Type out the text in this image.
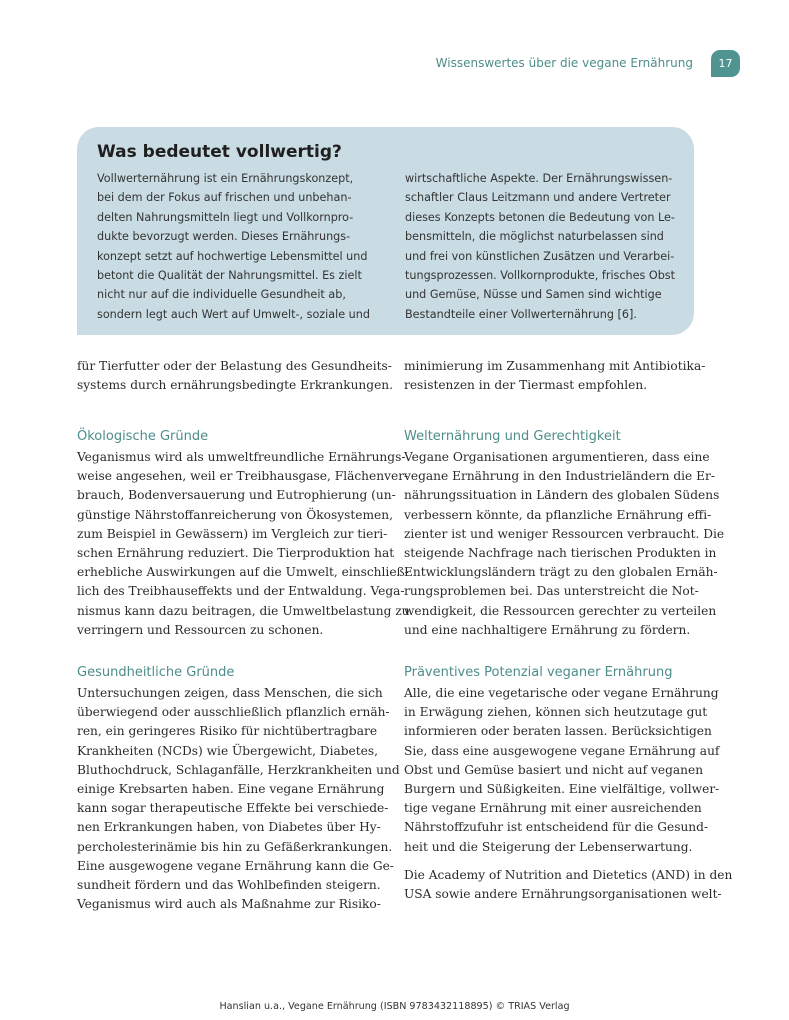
Wissenswertes über die vegane Ernährung	17
Was bedeutet vollwertig?
Vollwerternährung ist ein Ernährungskonzept,
bei dem der Fokus auf frischen und unbehan-
delten Nahrungsmitteln liegt und Vollkornpro-
dukte bevorzugt werden. Dieses Ernährungs-
konzept setzt auf hochwertige Lebensmittel und
betont die Qualität der Nahrungsmittel. Es zielt
nicht nur auf die individuelle Gesundheit ab,
sondern legt auch Wert auf Umwelt-, soziale und
wirtschaftliche Aspekte. Der Ernährungswissen-
schaftler Claus Leitzmann und andere Vertreter
dieses Konzepts betonen die Bedeutung von Le-
bensmitteln, die möglichst naturbelassen sind
und frei von künstlichen Zusätzen und Verarbei-
tungsprozessen. Vollkornprodukte, frisches Obst
und Gemüse, Nüsse und Samen sind wichtige
Bestandteile einer Vollwerternährung [6].
für Tierfutter oder der Belastung des Gesundheits-
systems durch ernährungsbedingte Erkrankungen.
Ökologische Gründe
Veganismus wird als umweltfreundliche Ernährungs-
weise angesehen, weil er Treibhausgase, Flächenver-
brauch, Bodenversauerung und Eutrophierung (un-
günstige Nährstoffanreicherung von Ökosystemen,
zum Beispiel in Gewässern) im Vergleich zur tieri-
schen Ernährung reduziert. Die Tierproduktion hat
erhebliche Auswirkungen auf die Umwelt, einschließ-
lich des Treibhauseffekts und der Entwaldung. Vega-
nismus kann dazu beitragen, die Umweltbelastung zu
verringern und Ressourcen zu schonen.
Gesundheitliche Gründe
Untersuchungen zeigen, dass Menschen, die sich
überwiegend oder ausschließlich pflanzlich ernäh-
ren, ein geringeres Risiko für nichtübertragbare
Krankheiten (NCDs) wie Übergewicht, Diabetes,
Bluthochdruck, Schlaganfälle, Herzkrankheiten und
einige Krebsarten haben. Eine vegane Ernährung
kann sogar therapeutische Effekte bei verschiede-
nen Erkrankungen haben, von Diabetes über Hy-
percholesterinämie bis hin zu Gefäßerkrankungen.
Eine ausgewogene vegane Ernährung kann die Ge-
sundheit fördern und das Wohlbefinden steigern.
Veganismus wird auch als Maßnahme zur Risiko-
minimierung im Zusammenhang mit Antibiotika-
resistenzen in der Tiermast empfohlen.
Welternährung und Gerechtigkeit
Vegane Organisationen argumentieren, dass eine
vegane Ernährung in den Industrieländern die Er-
nährungssituation in Ländern des globalen Südens
verbessern könnte, da pflanzliche Ernährung effi-
zienter ist und weniger Ressourcen verbraucht. Die
steigende Nachfrage nach tierischen Produkten in
Entwicklungsländern trägt zu den globalen Ernäh-
rungsproblemen bei. Das unterstreicht die Not-
wendigkeit, die Ressourcen gerechter zu verteilen
und eine nachhaltigere Ernährung zu fördern.
Präventives Potenzial veganer Ernährung
Alle, die eine vegetarische oder vegane Ernährung
in Erwägung ziehen, können sich heutzutage gut
informieren oder beraten lassen. Berücksichtigen
Sie, dass eine ausgewogene vegane Ernährung auf
Obst und Gemüse basiert und nicht auf veganen
Burgern und Süßigkeiten. Eine vielfältige, vollwer-
tige vegane Ernährung mit einer ausreichenden
Nährstoffzufuhr ist entscheidend für die Gesund-
heit und die Steigerung der Lebenserwartung.
Die Academy of Nutrition and Dietetics (AND) in den
USA sowie andere Ernährungsorganisationen welt-
Hanslian u.a., Vegane Ernährung (ISBN 9783432118895) © TRIAS Verlag
